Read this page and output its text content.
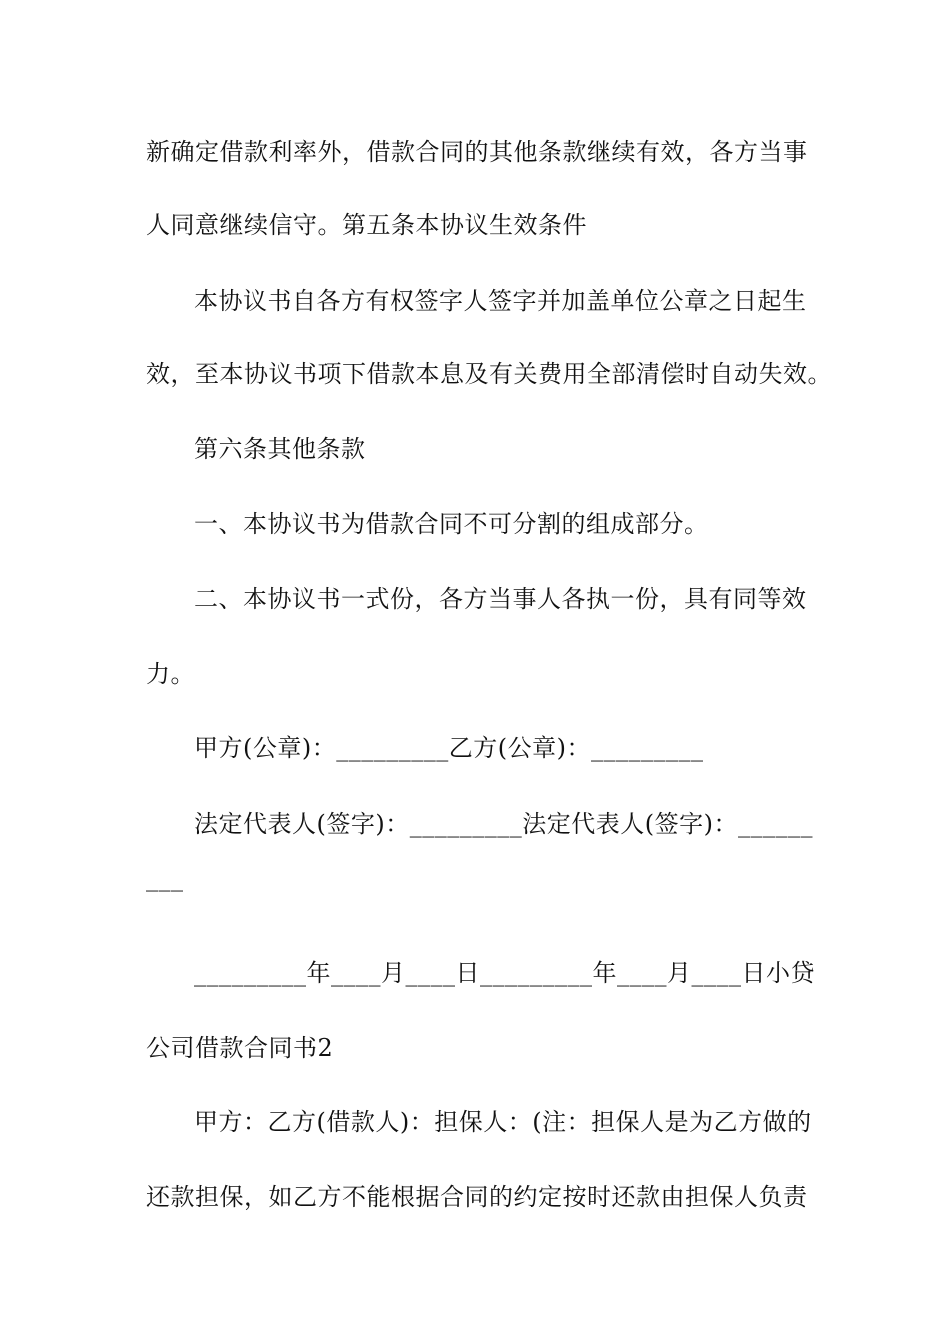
新确定借款利率外，借款合同的其他条款继续有效，各方当事
人同意继续信守。第五条本协议生效条件
本协议书自各方有权签字人签字并加盖单位公章之日起生
效，至本协议书项下借款本息及有关费用全部清偿时自动失效。
第六条其他条款
一、本协议书为借款合同不可分割的组成部分。
二、本协议书一式份，各方当事人各执一份，具有同等效
力。
甲方(公章)：_________乙方(公章)：_________
法定代表人(签字)：_________法定代表人(签字)：______
___
_________年____月____日_________年____月____日小贷
公司借款合同书2
甲方：乙方(借款人)：担保人：(注：担保人是为乙方做的
还款担保，如乙方不能根据合同的约定按时还款由担保人负责
